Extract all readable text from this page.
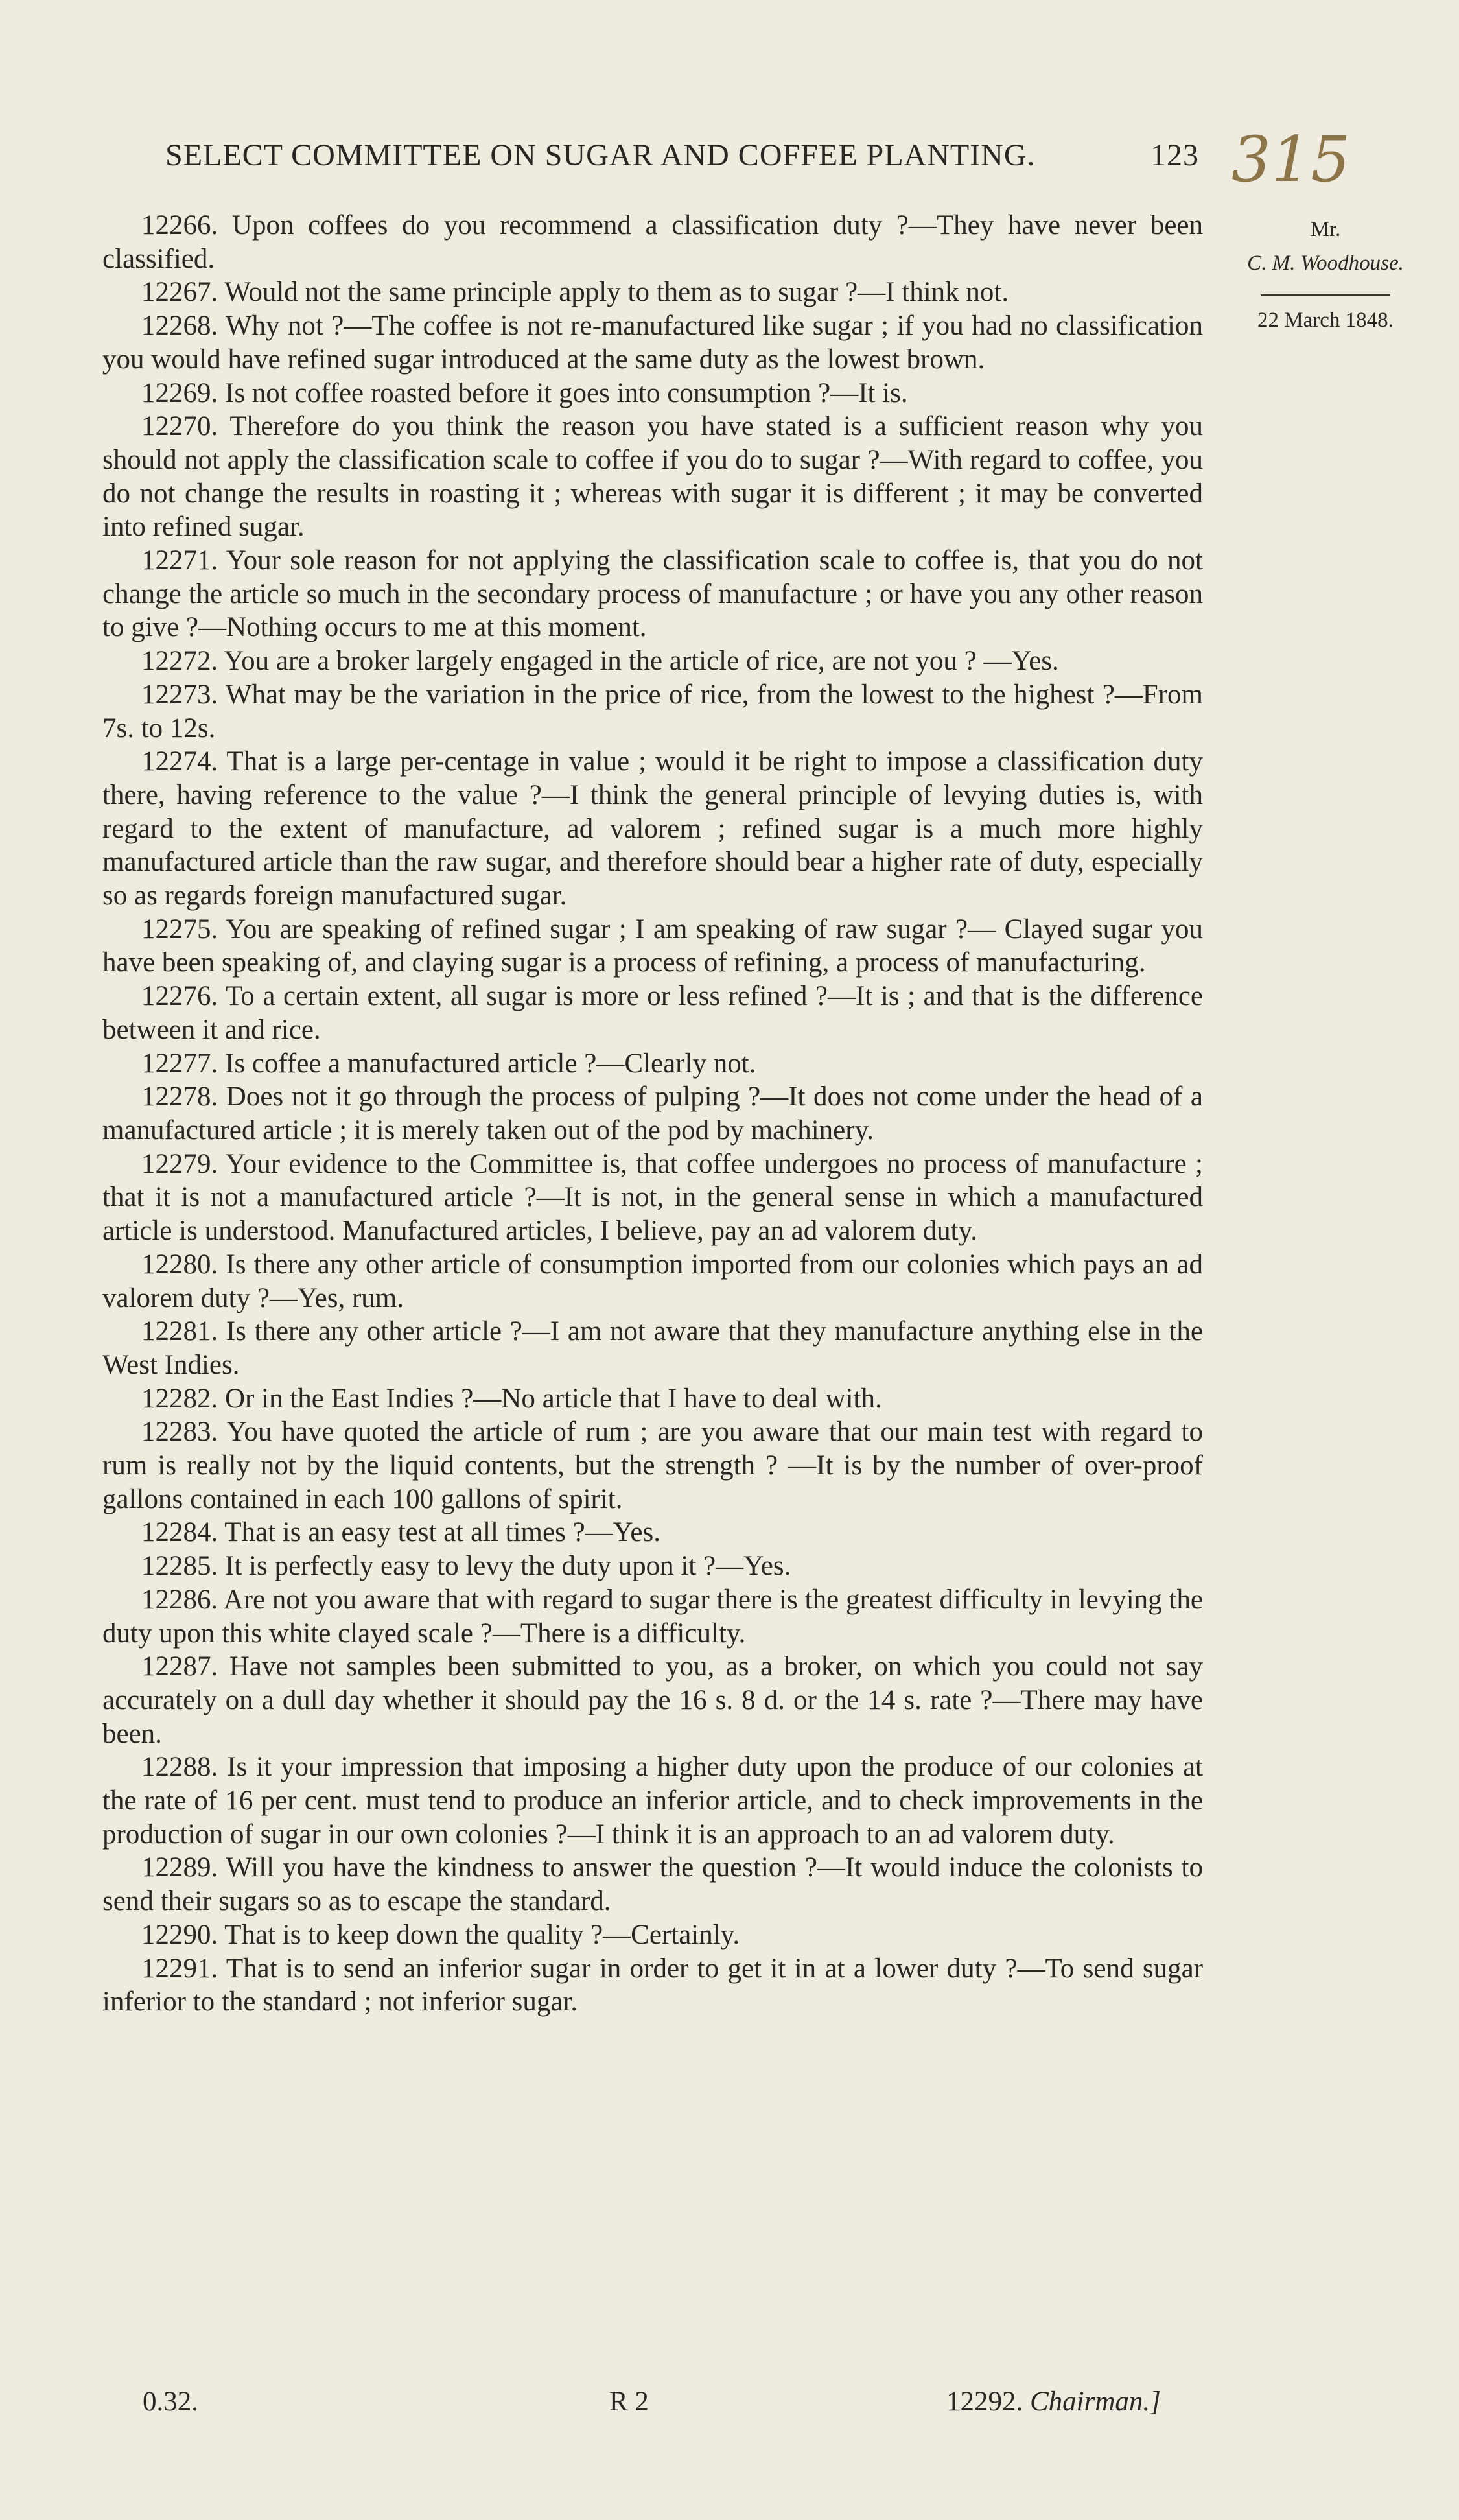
SELECT COMMITTEE ON SUGAR AND COFFEE PLANTING.	123 315
Mr.
C. M. Woodhouse.
22 March 1848.

12266. Upon coffees do you recommend a classification duty ?—They have never been classified.

12267. Would not the same principle apply to them as to sugar ?—I think not.

12268. Why not ?—The coffee is not re-manufactured like sugar ; if you had no classification you would have refined sugar introduced at the same duty as the lowest brown.

12269. Is not coffee roasted before it goes into consumption ?—It is.

12270. Therefore do you think the reason you have stated is a sufficient reason why you should not apply the classification scale to coffee if you do to sugar ?—With regard to coffee, you do not change the results in roasting it ; whereas with sugar it is different ; it may be converted into refined sugar.

12271. Your sole reason for not applying the classification scale to coffee is, that you do not change the article so much in the secondary process of manufacture ; or have you any other reason to give ?—Nothing occurs to me at this moment.

12272. You are a broker largely engaged in the article of rice, are not you ? —Yes.

12273. What may be the variation in the price of rice, from the lowest to the highest ?—From 7s. to 12s.

12274. That is a large per-centage in value ; would it be right to impose a classification duty there, having reference to the value ?—I think the general principle of levying duties is, with regard to the extent of manufacture, ad valorem ; refined sugar is a much more highly manufactured article than the raw sugar, and therefore should bear a higher rate of duty, especially so as regards foreign manufactured sugar.

12275. You are speaking of refined sugar ; I am speaking of raw sugar ?— Clayed sugar you have been speaking of, and claying sugar is a process of refining, a process of manufacturing.

12276. To a certain extent, all sugar is more or less refined ?—It is ; and that is the difference between it and rice.

12277. Is coffee a manufactured article ?—Clearly not.

12278. Does not it go through the process of pulping ?—It does not come under the head of a manufactured article ; it is merely taken out of the pod by machinery.

12279. Your evidence to the Committee is, that coffee undergoes no process of manufacture ; that it is not a manufactured article ?—It is not, in the general sense in which a manufactured article is understood. Manufactured articles, I believe, pay an ad valorem duty.

12280. Is there any other article of consumption imported from our colonies which pays an ad valorem duty ?—Yes, rum.

12281. Is there any other article ?—I am not aware that they manufacture anything else in the West Indies.

12282. Or in the East Indies ?—No article that I have to deal with.

12283. You have quoted the article of rum ; are you aware that our main test with regard to rum is really not by the liquid contents, but the strength ? —It is by the number of over-proof gallons contained in each 100 gallons of spirit.

12284. That is an easy test at all times ?—Yes.

12285. It is perfectly easy to levy the duty upon it ?—Yes.

12286. Are not you aware that with regard to sugar there is the greatest difficulty in levying the duty upon this white clayed scale ?—There is a difficulty.

12287. Have not samples been submitted to you, as a broker, on which you could not say accurately on a dull day whether it should pay the 16 s. 8 d. or the 14 s. rate ?—There may have been.

12288. Is it your impression that imposing a higher duty upon the produce of our colonies at the rate of 16 per cent. must tend to produce an inferior article, and to check improvements in the production of sugar in our own colonies ?—I think it is an approach to an ad valorem duty.

12289. Will you have the kindness to answer the question ?—It would induce the colonists to send their sugars so as to escape the standard.

12290. That is to keep down the quality ?—Certainly.

12291. That is to send an inferior sugar in order to get it in at a lower duty ?—To send sugar inferior to the standard ; not inferior sugar.

0.32.	R 2	12292. Chairman.]
